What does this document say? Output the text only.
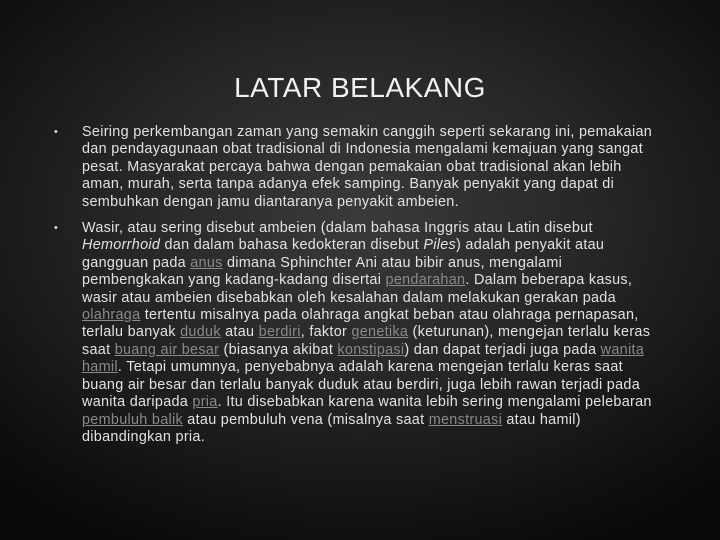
LATAR BELAKANG
• Seiring perkembangan zaman yang semakin canggih seperti sekarang ini, pemakaian dan pendayagunaan obat tradisional di Indonesia mengalami kemajuan yang sangat pesat. Masyarakat percaya bahwa dengan pemakaian obat tradisional akan lebih aman, murah, serta tanpa adanya efek samping. Banyak penyakit yang dapat di sembuhkan dengan jamu diantaranya penyakit ambeien.
• Wasir, atau sering disebut ambeien (dalam bahasa Inggris atau Latin disebut Hemorrhoid dan dalam bahasa kedokteran disebut Piles) adalah penyakit atau gangguan pada anus dimana Sphinchter Ani atau bibir anus, mengalami pembengkakan yang kadang-kadang disertai pendarahan. Dalam beberapa kasus, wasir atau ambeien disebabkan oleh kesalahan dalam melakukan gerakan pada olahraga tertentu misalnya pada olahraga angkat beban atau olahraga pernapasan, terlalu banyak duduk atau berdiri, faktor genetika (keturunan), mengejan terlalu keras saat buang air besar (biasanya akibat konstipasi) dan dapat terjadi juga pada wanita hamil. Tetapi umumnya, penyebabnya adalah karena mengejan terlalu keras saat buang air besar dan terlalu banyak duduk atau berdiri, juga lebih rawan terjadi pada wanita daripada pria. Itu disebabkan karena wanita lebih sering mengalami pelebaran pembuluh balik atau pembuluh vena (misalnya saat menstruasi atau hamil) dibandingkan pria.
